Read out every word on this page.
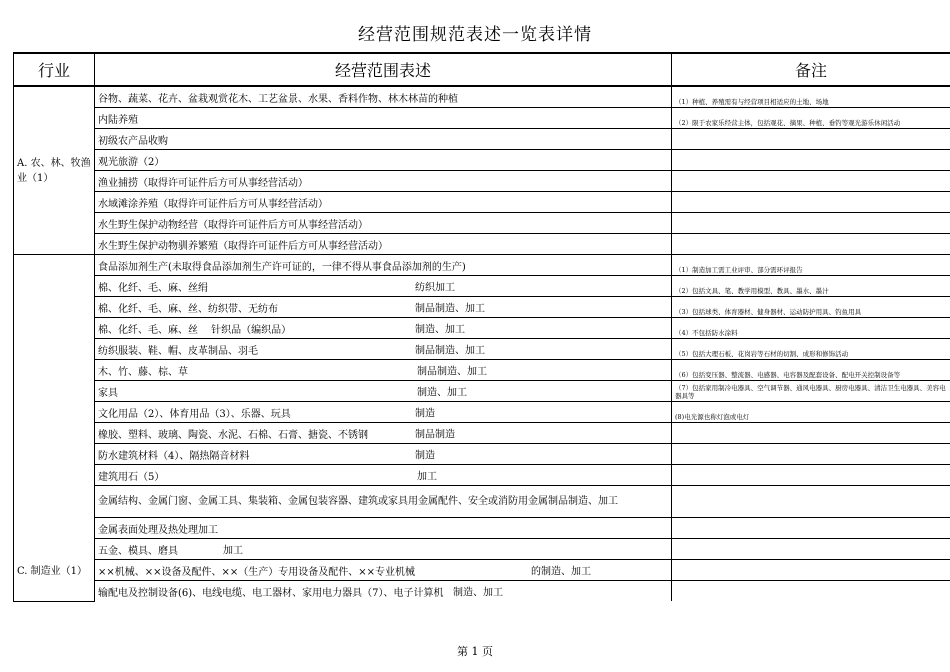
经营范围规范表述一览表详情
行业	经营范围表述	备注
A. 农、林、牧渔业（1）	谷物、蔬菜、花卉、盆栽观赏花木、工艺盆景、水果、香料作物、林木林苗的种植	（1）种植、养殖需有与经营项目相适应的土地、场地
	内陆养殖	（2）限于农家乐经营主体，包括观花、摘果、种植、垂钓等观光游乐休闲活动
	初级农产品收购	
	观光旅游（2）	
	渔业捕捞（取得许可证件后方可从事经营活动）	
	水域滩涂养殖（取得许可证件后方可从事经营活动）	
	水生野生保护动物经营（取得许可证件后方可从事经营活动）	
	水生野生保护动物驯养繁殖（取得许可证件后方可从事经营活动）	
C. 制造业（1）	食品添加剂生产(未取得食品添加剂生产许可证的，一律不得从事食品添加剂的生产)	（1）制造加工需工业评审、部分需环评报告
	棉、化纤、毛、麻、丝绢 纺织加工	（2）包括文具、笔、教学用模型、教具、墨水、墨汁
	棉、化纤、毛、麻、丝、纺织带、无纺布 制品制造、加工	（3）包括球类、体育器材、健身器材、运动防护用具、钓鱼用具
	棉、化纤、毛、麻、丝　 针织品（编织品） 制造、加工	（4）不包括防水涂料
	纺织服装、鞋、帽、皮革制品、羽毛 制品制造、加工	（5）包括大理石板、花岗岩等石材的切割、成形和修饰活动
	木、竹、藤、棕、草 制品制造、加工	（6）包括变压器、整流器、电感器、电容器及配套设备、配电开关控制设备等
	家具 制造、加工	（7）包括家用制冷电器具、空气调节器、通风电器具、厨房电器具、清洁卫生电器具、美容电器具等
	文化用品（2）、体育用品（3）、乐器、玩具 制造	(8)电光源也称灯泡或电灯
	橡胶、塑料、玻璃、陶瓷、水泥、石棉、石膏、搪瓷、不锈钢 制品制造	

	防水建筑材料（4）、隔热隔音材料 制造	

	建筑用石（5） 加工	

	金属结构、金属门窗、金属工具、集装箱、金属包装容器、建筑或家具用金属配件、安全或消防用金属制品制造、加工	
	金属表面处理及热处理加工	
	五金、模具、磨具 加工	

	××机械、××设备及配件、××（生产）专用设备及配件、××专业机械 的制造、加工	

	输配电及控制设备(6)、电线电缆、电工器材、家用电力器具（7）、电子计算机 制造、加工	

第 1 页
